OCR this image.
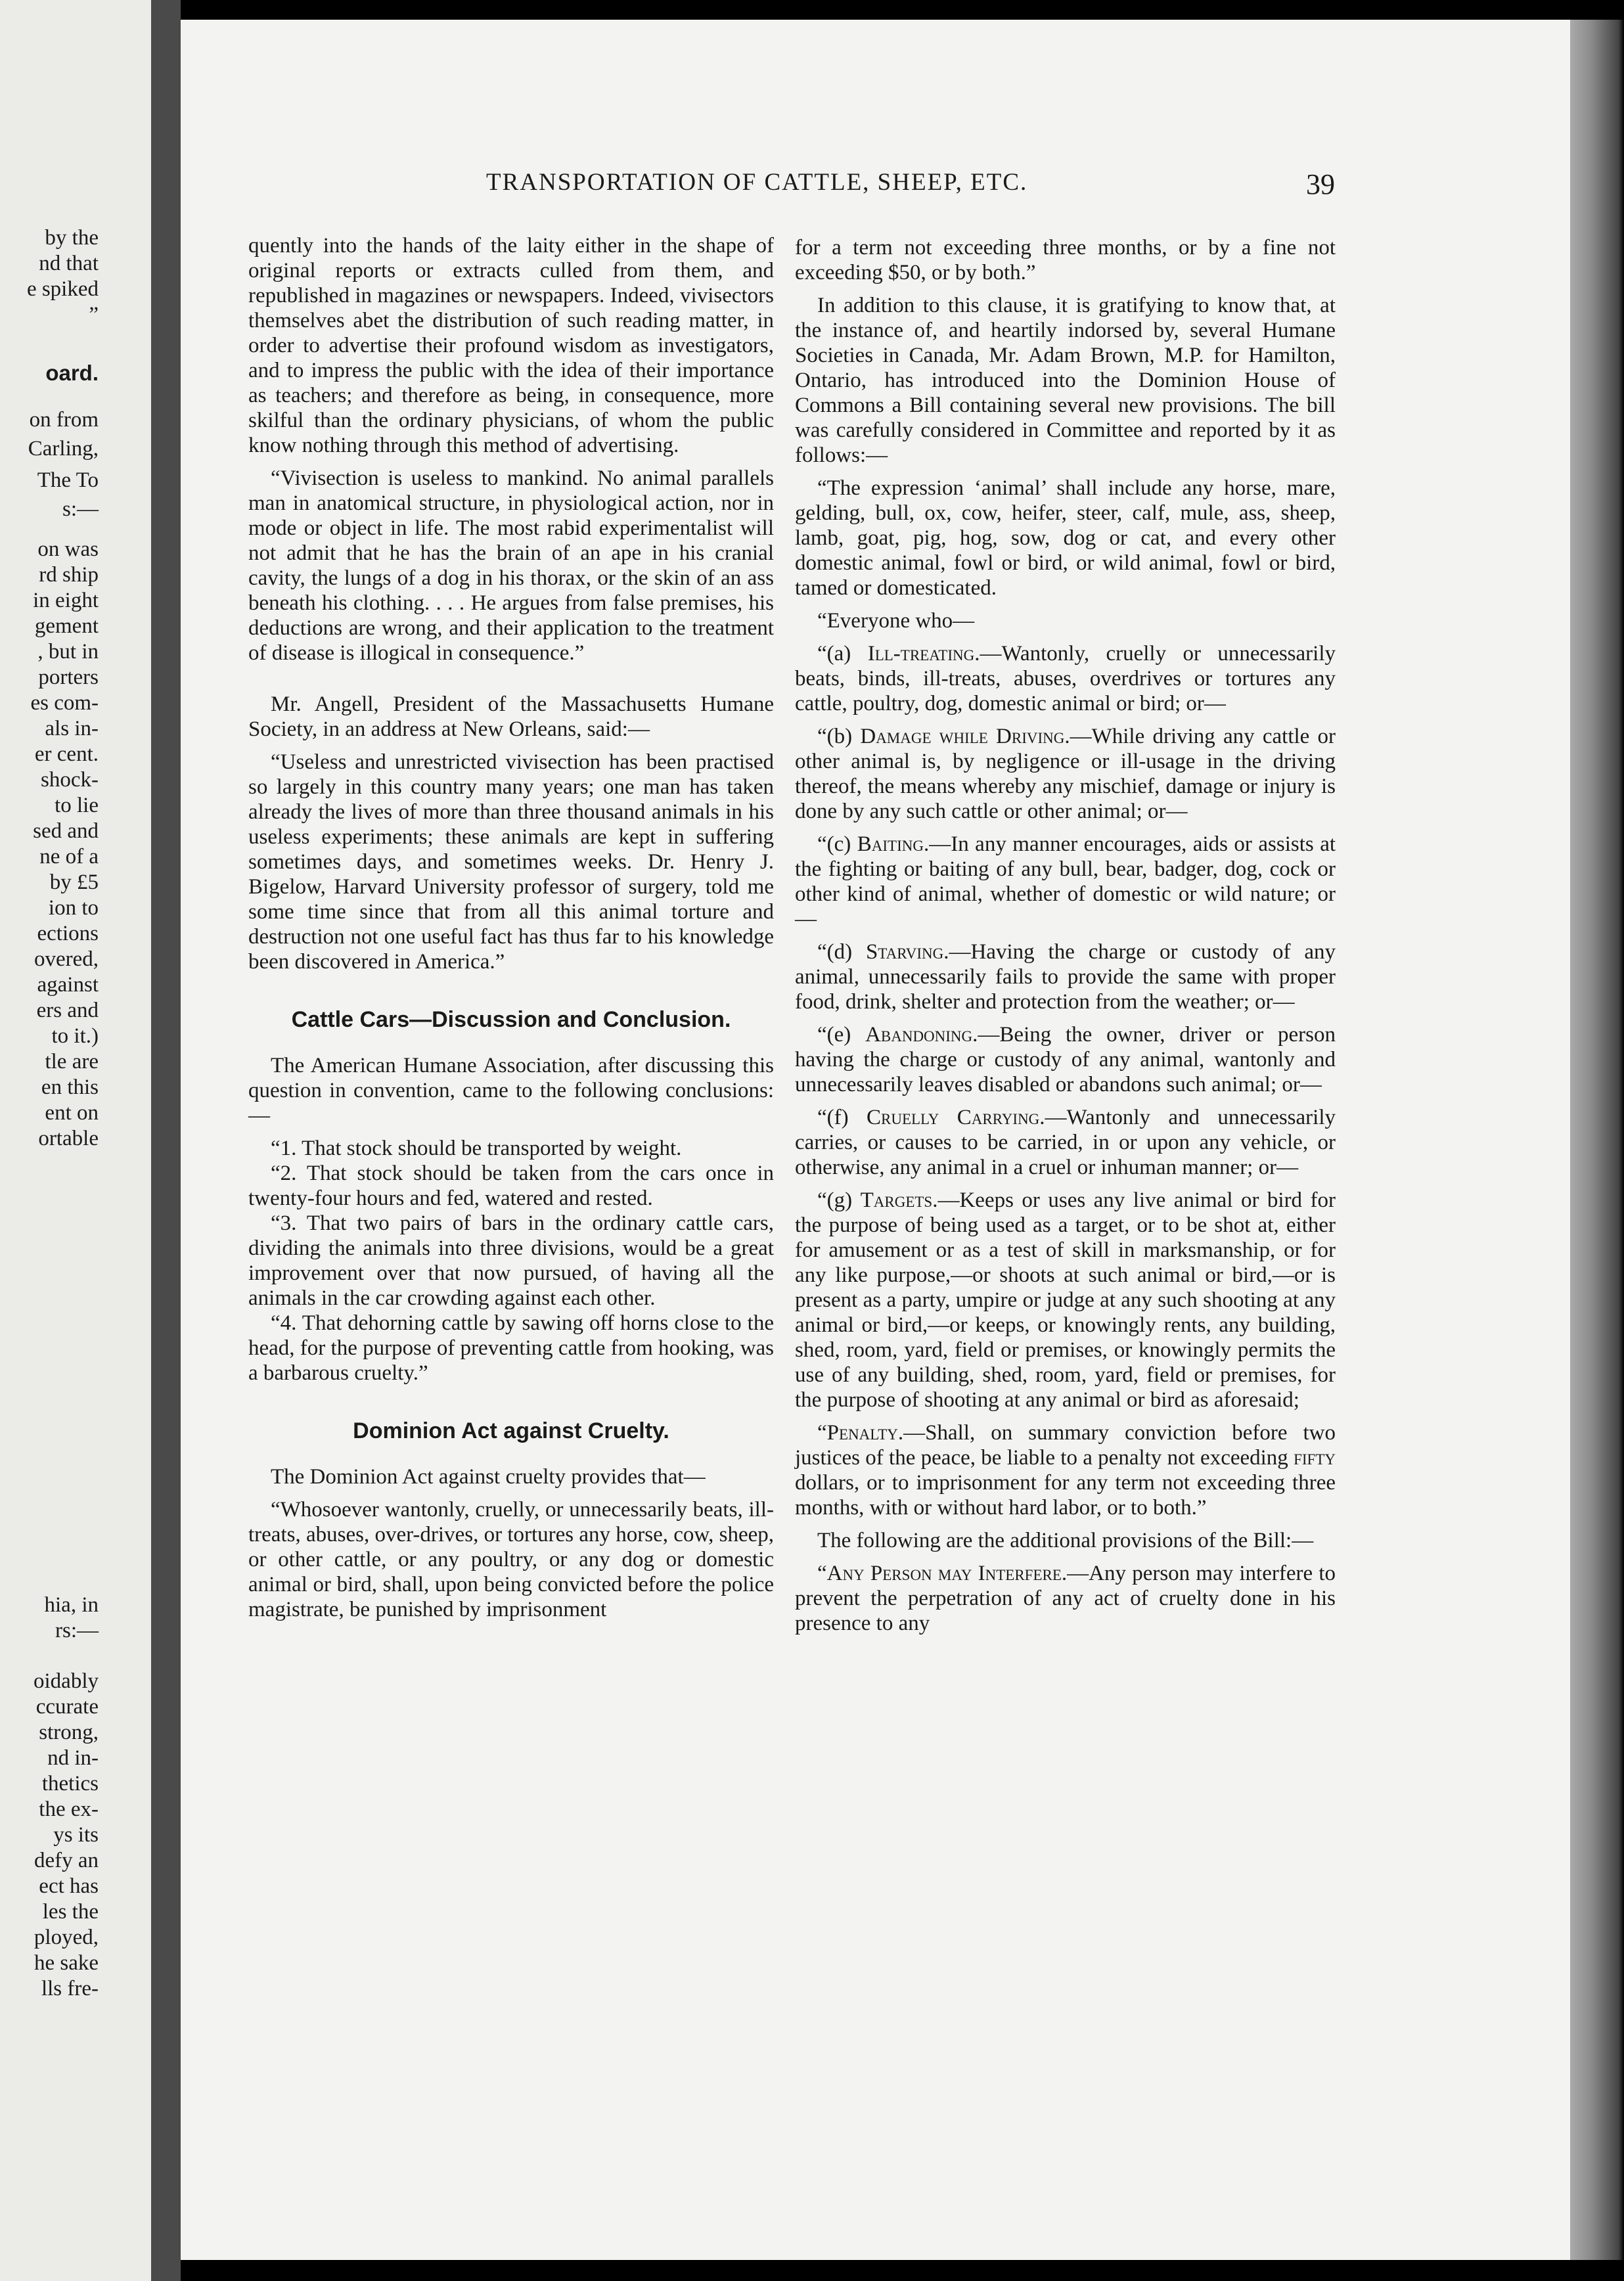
by the
nd that
e spiked
”
oard.
on from
Carling,
The To
s:—
on was
rd ship
in eight
gement
, but in
porters
es com-
als in-
er cent.
shock-
to lie
sed and
ne of a
by £5
ion to
ections
overed,
against
ers and
to it.)
tle are
en this
ent on
ortable
hia, in
rs:—
oidably
ccurate
strong,
nd in-
thetics
the ex-
ys its
defy an
ect has
les the
ployed,
he sake
lls fre-
TRANSPORTATION OF CATTLE, SHEEP, ETC.	39

quently into the hands of the laity either in the shape of original reports or extracts culled from them, and republished in magazines or newspapers. Indeed, vivisectors themselves abet the distribution of such reading matter, in order to advertise their profound wisdom as investigators, and to impress the public with the idea of their importance as teachers; and therefore as being, in consequence, more skilful than the ordinary physicians, of whom the public know nothing through this method of advertising.

“Vivisection is useless to mankind. No animal parallels man in anatomical structure, in physiological action, nor in mode or object in life. The most rabid experimentalist will not admit that he has the brain of an ape in his cranial cavity, the lungs of a dog in his thorax, or the skin of an ass beneath his clothing. . . . He argues from false premises, his deductions are wrong, and their application to the treatment of disease is illogical in consequence.”

Mr. Angell, President of the Massachusetts Humane Society, in an address at New Orleans, said:—

“Useless and unrestricted vivisection has been practised so largely in this country many years; one man has taken already the lives of more than three thousand animals in his useless experiments; these animals are kept in suffering sometimes days, and sometimes weeks. Dr. Henry J. Bigelow, Harvard University professor of surgery, told me some time since that from all this animal torture and destruction not one useful fact has thus far to his knowledge been discovered in America.”

Cattle Cars—Discussion and Conclusion.

The American Humane Association, after discussing this question in convention, came to the following conclusions:—

“1. That stock should be transported by weight.

“2. That stock should be taken from the cars once in twenty-four hours and fed, watered and rested.

“3. That two pairs of bars in the ordinary cattle cars, dividing the animals into three divisions, would be a great improvement over that now pursued, of having all the animals in the car crowding against each other.

“4. That dehorning cattle by sawing off horns close to the head, for the purpose of preventing cattle from hooking, was a barbarous cruelty.”

Dominion Act against Cruelty.

The Dominion Act against cruelty provides that—

“Whosoever wantonly, cruelly, or unnecessarily beats, ill-treats, abuses, over-drives, or tortures any horse, cow, sheep, or other cattle, or any poultry, or any dog or domestic animal or bird, shall, upon being convicted before the police magistrate, be punished by imprisonment

for a term not exceeding three months, or by a fine not exceeding $50, or by both.”

In addition to this clause, it is gratifying to know that, at the instance of, and heartily indorsed by, several Humane Societies in Canada, Mr. Adam Brown, M.P. for Hamilton, Ontario, has introduced into the Dominion House of Commons a Bill containing several new provisions. The bill was carefully considered in Committee and reported by it as follows:—

“The expression ‘animal’ shall include any horse, mare, gelding, bull, ox, cow, heifer, steer, calf, mule, ass, sheep, lamb, goat, pig, hog, sow, dog or cat, and every other domestic animal, fowl or bird, or wild animal, fowl or bird, tamed or domesticated.

“Everyone who—

“(a) Ill-treating.—Wantonly, cruelly or unnecessarily beats, binds, ill-treats, abuses, overdrives or tortures any cattle, poultry, dog, domestic animal or bird; or—

“(b) Damage while Driving.—While driving any cattle or other animal is, by negligence or ill-usage in the driving thereof, the means whereby any mischief, damage or injury is done by any such cattle or other animal; or—

“(c) Baiting.—In any manner encourages, aids or assists at the fighting or baiting of any bull, bear, badger, dog, cock or other kind of animal, whether of domestic or wild nature; or—

“(d) Starving.—Having the charge or custody of any animal, unnecessarily fails to provide the same with proper food, drink, shelter and protection from the weather; or—

“(e) Abandoning.—Being the owner, driver or person having the charge or custody of any animal, wantonly and unnecessarily leaves disabled or abandons such animal; or—

“(f) Cruelly Carrying.—Wantonly and unnecessarily carries, or causes to be carried, in or upon any vehicle, or otherwise, any animal in a cruel or inhuman manner; or—

“(g) Targets.—Keeps or uses any live animal or bird for the purpose of being used as a target, or to be shot at, either for amusement or as a test of skill in marksmanship, or for any like purpose,—or shoots at such animal or bird,—or is present as a party, umpire or judge at any such shooting at any animal or bird,—or keeps, or knowingly rents, any building, shed, room, yard, field or premises, or knowingly permits the use of any building, shed, room, yard, field or premises, for the purpose of shooting at any animal or bird as aforesaid;

“Penalty.—Shall, on summary conviction before two justices of the peace, be liable to a penalty not exceeding fifty dollars, or to imprisonment for any term not exceeding three months, with or without hard labor, or to both.”

The following are the additional provisions of the Bill:—

“Any Person may Interfere.—Any person may interfere to prevent the perpetration of any act of cruelty done in his presence to any
